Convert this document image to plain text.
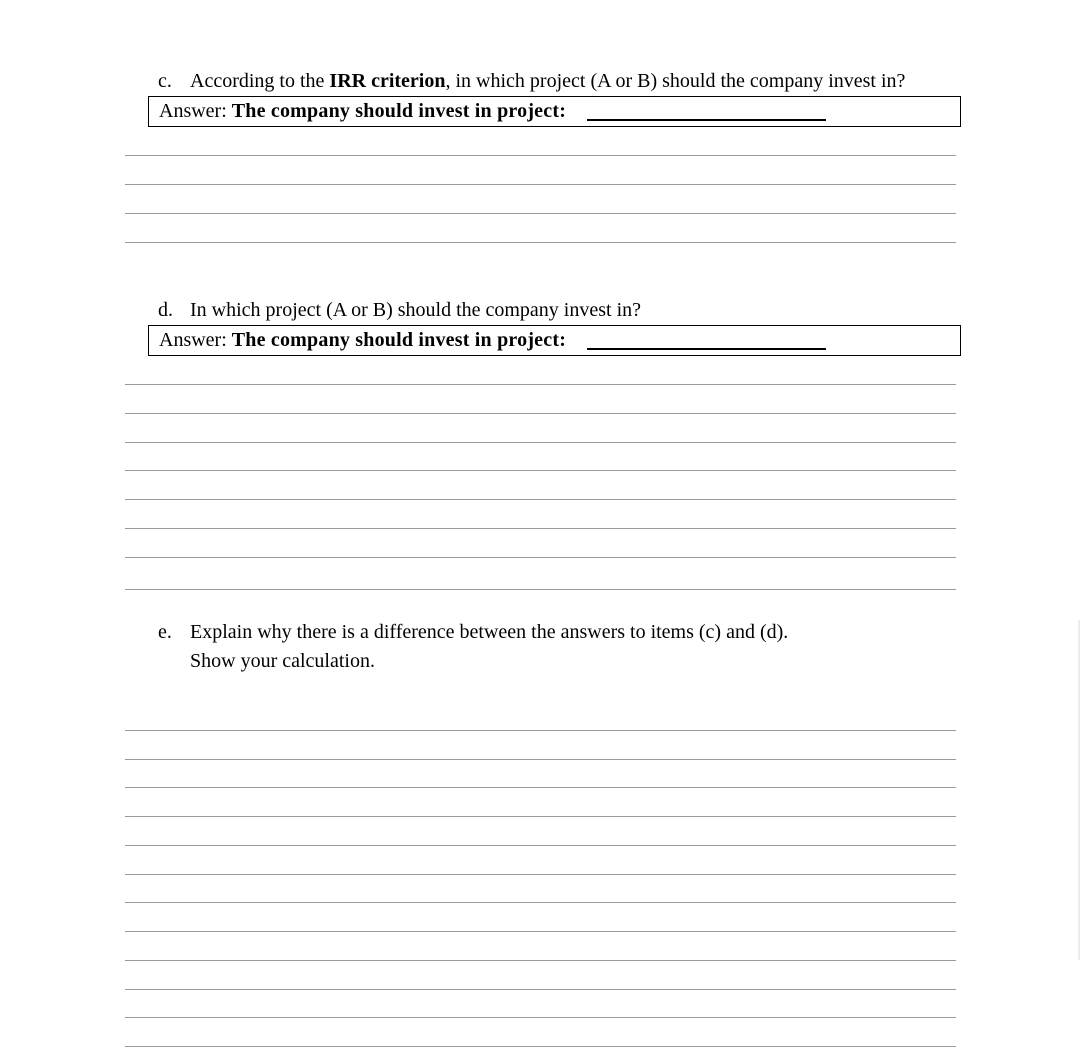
c. According to the IRR criterion, in which project (A or B) should the company invest in?
Answer: The company should invest in project:
d. In which project (A or B) should the company invest in?
Answer: The company should invest in project:
e. Explain why there is a difference between the answers to items (c) and (d).
Show your calculation.
